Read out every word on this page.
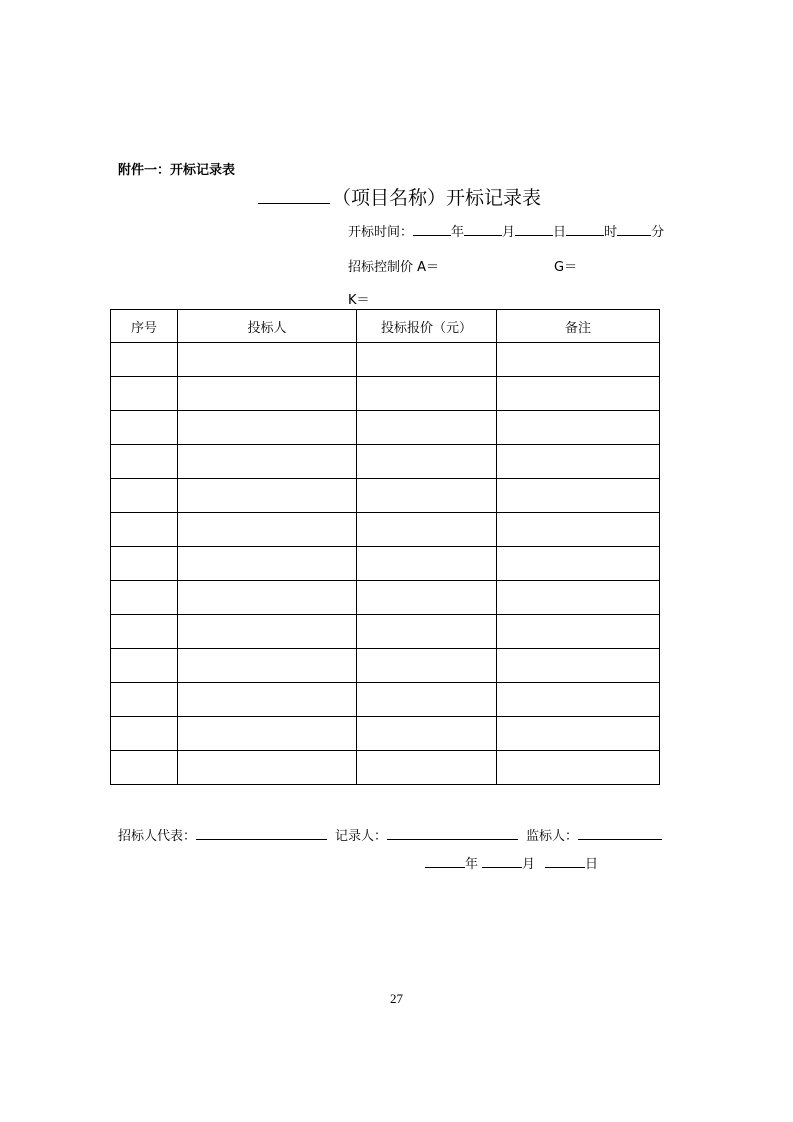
附件一：开标记录表
（项目名称）开标记录表
开标时间：	年	月	日	时	分
招标控制价 A＝	G＝
K＝
序号	投标人	投标报价（元）	备注

招标人代表：	记录人：	监标人：
年	月	日
27
